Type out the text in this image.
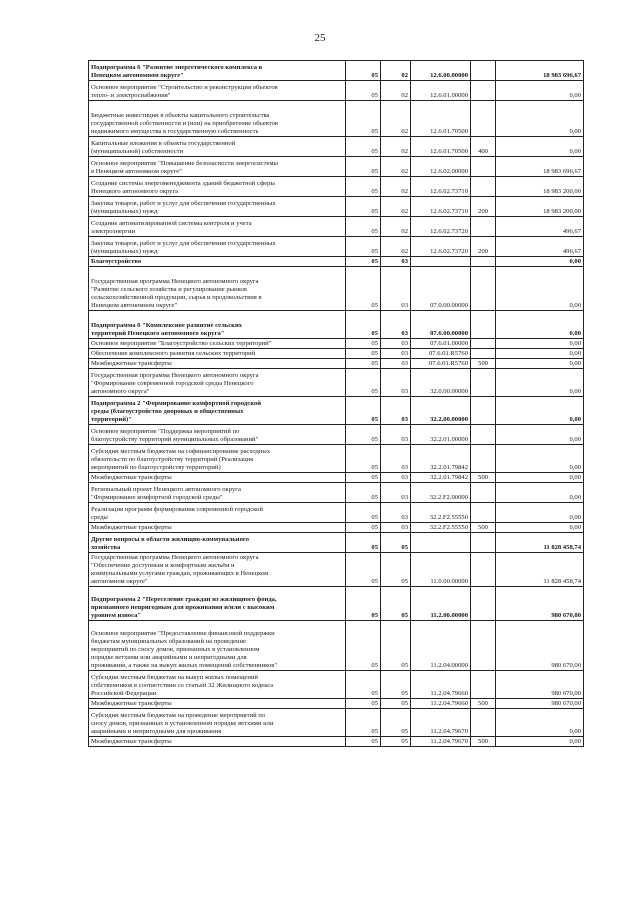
25
Подпрограмма 6 "Развитие энергетического комплекса в
Ненецком автономном округе"	05	02	12.6.00.00000		18 983 696,67
Основное мероприятие "Строительство и реконструкция объектов
тепло- и электроснабжения"	05	02	12.6.01.00000		0,00
Бюджетные инвестиции в объекты капитального строительства
государственной собственности и (или) на приобретение объектов
недвижимого имущества в государственную собственность	05	02	12.6.01.70500		0,00
Капитальные вложения в объекты государственной
(муниципальной) собственности	05	02	12.6.01.70500	400	0,00
Основное мероприятие "Повышение безопасности энергосистемы
в Ненецком автономном округе"	05	02	12.6.02.00000		18 983 696,67
Создание системы энергоменеджмента зданий бюджетной сферы
Ненецкого автономного округа	05	02	12.6.02.73710		18 983 200,00
Закупка товаров, работ и услуг для обеспечения государственных
(муниципальных) нужд	05	02	12.6.02.73710	200	18 983 200,00
Создание автоматизированной системы контроля и учета
электроэнергии	05	02	12.6.02.73720		496,67
Закупка товаров, работ и услуг для обеспечения государственных
(муниципальных) нужд	05	02	12.6.02.73720	200	496,67
Благоустройство	05	03			0,00
Государственная программа Ненецкого автономного округа
"Развитие сельского хозяйства и регулирование рынков
сельскохозяйственной продукции, сырья и продовольствия в
Ненецком автономном округе"	05	03	07.0.00.00000		0,00
Подпрограмма 6 "Комплексное развитие сельских
территорий Ненецкого автономного округа"	05	03	07.6.00.00000		0,00
Основное мероприятие "Благоустройство сельских территорий"	05	03	07.6.01.00000		0,00
Обеспечение комплексного развития сельских территорий	05	03	07.6.01.R5760		0,00
Межбюджетные трансферты	05	03	07.6.01.R5760	500	0,00
Государственная программа Ненецкого автономного округа
"Формирование современной городской среды Ненецкого
автономного округа"	05	03	32.0.00.00000		0,00
Подпрограмма 2 "Формирование комфортной городской
среды (благоустройство дворовых и общественных
территорий)"	05	03	32.2.00.00000		0,00
Основное мероприятие "Поддержка мероприятий по
благоустройству территорий муниципальных образований"	05	03	32.2.01.00000		0,00
Субсидии местным бюджетам на софинансирование расходных
обязательств по благоустройству территорий (Реализация
мероприятий по благоустройству территорий)	05	03	32.2.01.79842		0,00
Межбюджетные трансферты	05	03	32.2.01.79842	500	0,00
Региональный проект Ненецкого автономного округа
"Формирование комфортной городской среды"	05	03	32.2.F2.00000		0,00
Реализация программ формирования современной городской
среды	05	03	32.2.F2.55550		0,00
Межбюджетные трансферты	05	03	32.2.F2.55550	500	0,00
Другие вопросы в области жилищно-коммунального
хозяйства	05	05			11 828 458,74
Государственная программа Ненецкого автономного округа
"Обеспечение доступным и комфортным жильём и
коммунальными услугами граждан, проживающих в Ненецком
автономном округе"	05	05	11.0.00.00000		11 828 458,74
Подпрограмма 2 "Переселение граждан из жилищного фонда,
признанного непригодным для проживания и/или с высоким
уровнем износа"	05	05	11.2.00.00000		980 670,00
Основное мероприятие "Предоставление финансовой поддержки
бюджетам муниципальных образований на проведение
мероприятий по сносу домов, признанных в установленном
порядке ветхими или аварийными и непригодными для
проживания, а также на выкуп жилых помещений собственников"	05	05	11.2.04.00000		980 670,00
Субсидии местным бюджетам на выкуп жилых помещений
собственников в соответствии со статьей 32 Жилищного кодекса
Российской Федерации	05	05	11.2.04.79660		980 670,00
Межбюджетные трансферты	05	05	11.2.04.79660	500	980 670,00
Субсидии местным бюджетам на проведение мероприятий по
сносу домов, признанных в установленном порядке ветхими или
аварийными и непригодными для проживания	05	05	11.2.04.79670		0,00
Межбюджетные трансферты	05	05	11.2.04.79670	500	0,00
